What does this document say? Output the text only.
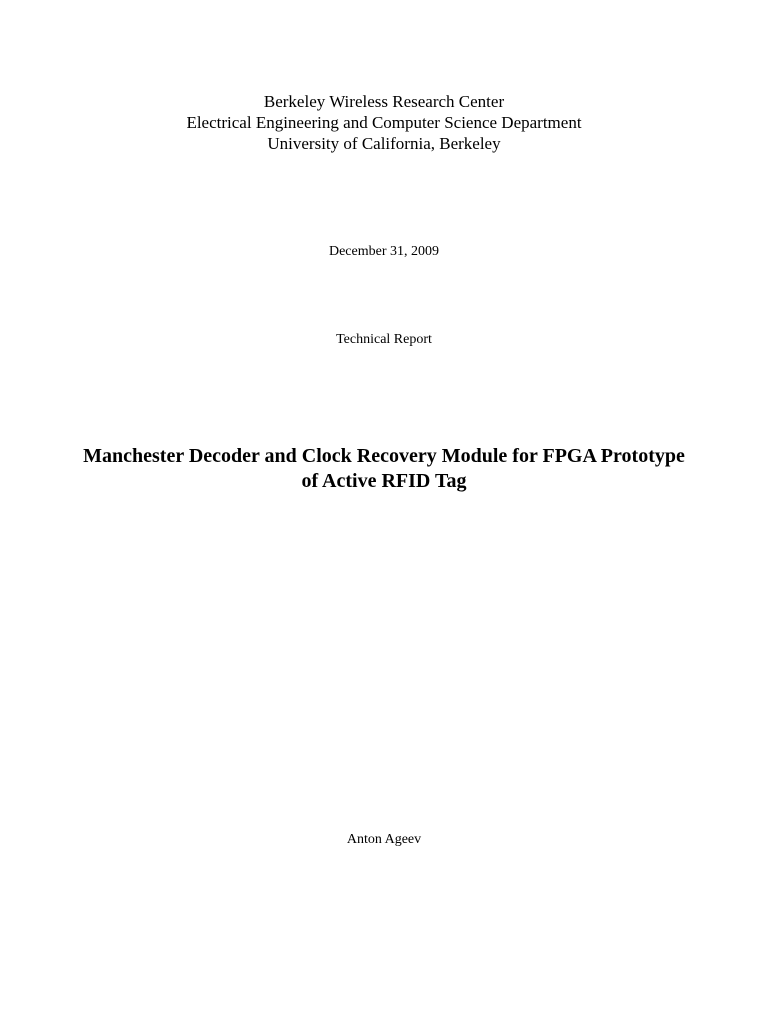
Berkeley Wireless Research Center
Electrical Engineering and Computer Science Department
University of California, Berkeley
December 31, 2009
Technical Report
Manchester Decoder and Clock Recovery Module for FPGA Prototype
of Active RFID Tag
Anton Ageev
